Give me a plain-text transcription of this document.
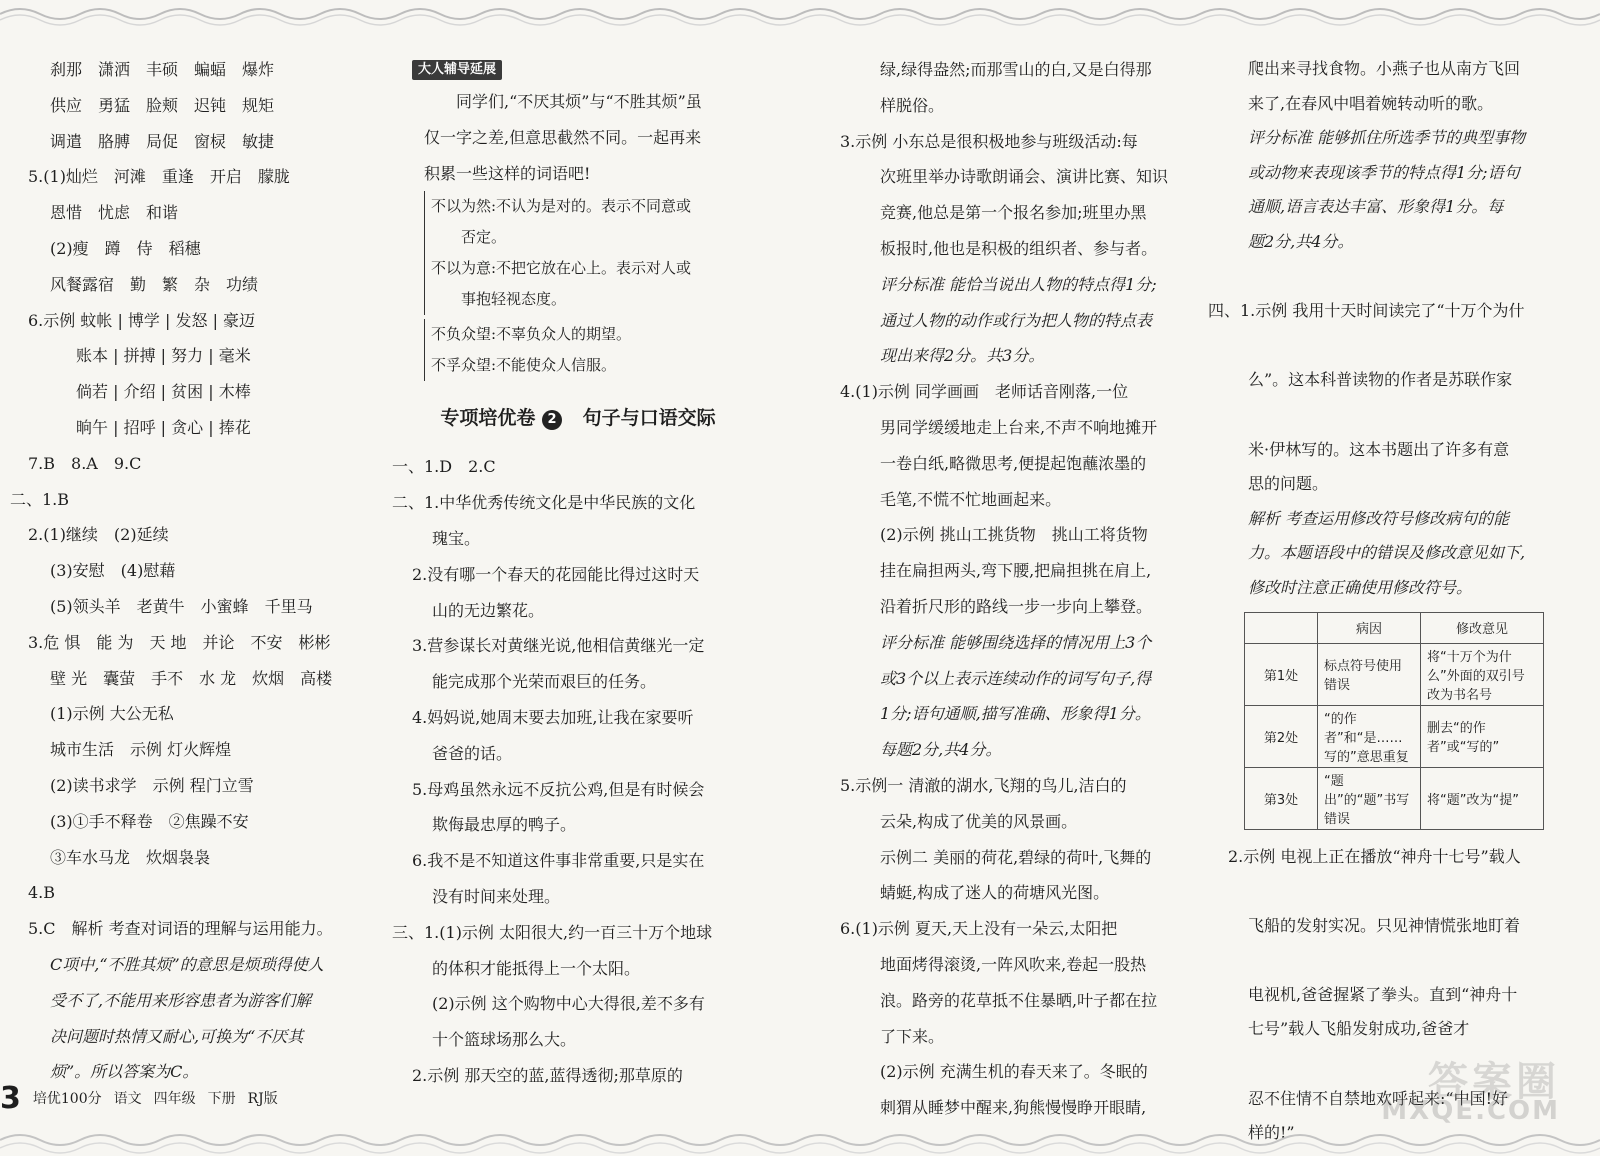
刹那　潇洒　丰硕　蝙蝠　爆炸
供应　勇猛　脸颊　迟钝　规矩
调遣　胳膊　局促　窗棂　敏捷
5.(1)灿烂　河滩　重逢　开启　朦胧
恩惜　忧虑　和谐
(2)瘦　蹲　侍　稻穗
风餐露宿　勤　繁　杂　功绩
6.示例 蚊帐 | 博学 | 发怒 | 豪迈
　　　账本 | 拼搏 | 努力 | 毫米
　　　倘若 | 介绍 | 贫困 | 木棒
　　　晌午 | 招呼 | 贪心 | 捧花
7.B　8.A　9.C
二、1.B
2.(1)继续　(2)延续
(3)安慰　(4)慰藉
(5)领头羊　老黄牛　小蜜蜂　千里马
3.危 惧　能 为　天 地　并论　不安　彬彬
壁 光　囊萤　手不　水 龙　炊烟　高楼
(1)示例 大公无私
城市生活　示例 灯火辉煌
(2)读书求学　示例 程门立雪
(3)①手不释卷　②焦躁不安
③车水马龙　炊烟袅袅
4.B
5.C　解析 考查对词语的理解与运用能力。
C项中,“不胜其烦”的意思是烦琐得使人
受不了,不能用来形容患者为游客们解
决问题时热情又耐心,可换为“不厌其
烦”。所以答案为C。
大人辅导延展
同学们,“不厌其烦”与“不胜其烦”虽
仅一字之差,但意思截然不同。一起再来
积累一些这样的词语吧!
不以为然:不认为是对的。表示不同意或
　　否定。
不以为意:不把它放在心上。表示对人或
　　事抱轻视态度。
不负众望:不辜负众人的期望。
不孚众望:不能使众人信服。
专项培优卷 2 句子与口语交际
一、1.D　2.C
二、1.中华优秀传统文化是中华民族的文化
瑰宝。
2.没有哪一个春天的花园能比得过这时天
山的无边繁花。
3.营参谋长对黄继光说,他相信黄继光一定
能完成那个光荣而艰巨的任务。
4.妈妈说,她周末要去加班,让我在家要听
爸爸的话。
5.母鸡虽然永远不反抗公鸡,但是有时候会
欺侮最忠厚的鸭子。
6.我不是不知道这件事非常重要,只是实在
没有时间来处理。
三、1.(1)示例 太阳很大,约一百三十万个地球
的体积才能抵得上一个太阳。
(2)示例 这个购物中心大得很,差不多有
十个篮球场那么大。
2.示例 那天空的蓝,蓝得透彻;那草原的
绿,绿得盎然;而那雪山的白,又是白得那
样脱俗。
3.示例 小东总是很积极地参与班级活动:每
次班里举办诗歌朗诵会、演讲比赛、知识
竞赛,他总是第一个报名参加;班里办黑
板报时,他也是积极的组织者、参与者。
评分标准 能恰当说出人物的特点得1分;
通过人物的动作或行为把人物的特点表
现出来得2分。共3分。
4.(1)示例 同学画画　老师话音刚落,一位
男同学缓缓地走上台来,不声不响地摊开
一卷白纸,略微思考,便提起饱蘸浓墨的
毛笔,不慌不忙地画起来。
(2)示例 挑山工挑货物　挑山工将货物
挂在扁担两头,弯下腰,把扁担挑在肩上,
沿着折尺形的路线一步一步向上攀登。
评分标准 能够围绕选择的情况用上3个
或3个以上表示连续动作的词写句子,得
1分;语句通顺,描写准确、形象得1分。
每题2分,共4分。
5.示例一 清澈的湖水,飞翔的鸟儿,洁白的
云朵,构成了优美的风景画。
示例二 美丽的荷花,碧绿的荷叶,飞舞的
蜻蜓,构成了迷人的荷塘风光图。
6.(1)示例 夏天,天上没有一朵云,太阳把
地面烤得滚烫,一阵风吹来,卷起一股热
浪。路旁的花草抵不住暴晒,叶子都在拉
了下来。
(2)示例 充满生机的春天来了。冬眠的
刺猬从睡梦中醒来,狗熊慢慢睁开眼睛,
爬出来寻找食物。小燕子也从南方飞回
来了,在春风中唱着婉转动听的歌。
评分标准 能够抓住所选季节的典型事物
或动物来表现该季节的特点得1分;语句
通顺,语言表达丰富、形象得1分。每
题2分,共4分。
四、1.示例 我用十天时间读完了“十万个为什
么”。这本科普读物的作者是苏联作家
米·伊林写的。这本书题出了许多有意
思的问题。
解析 考查运用修改符号修改病句的能
力。本题语段中的错误及修改意见如下,
修改时注意正确使用修改符号。
	病因	修改意见
第1处	标点符号使用错误	将“十万个为什么”外面的双引号改为书名号
第2处	“的作者”和“是……写的”意思重复	删去“的作者”或“写的”
第3处	“题出”的“题”书写错误	将“题”改为“提”
2.示例 电视上正在播放“神舟十七号”载人
飞船的发射实况。只见神情慌张地盯着
电视机,爸爸握紧了拳头。直到“神舟十
七号”载人飞船发射成功,爸爸才
忍不住情不自禁地欢呼起来:“中国!好
样的!”
3 培优100分 语文 四年级 下册 RJ版	答案圈
MXQE.COM
